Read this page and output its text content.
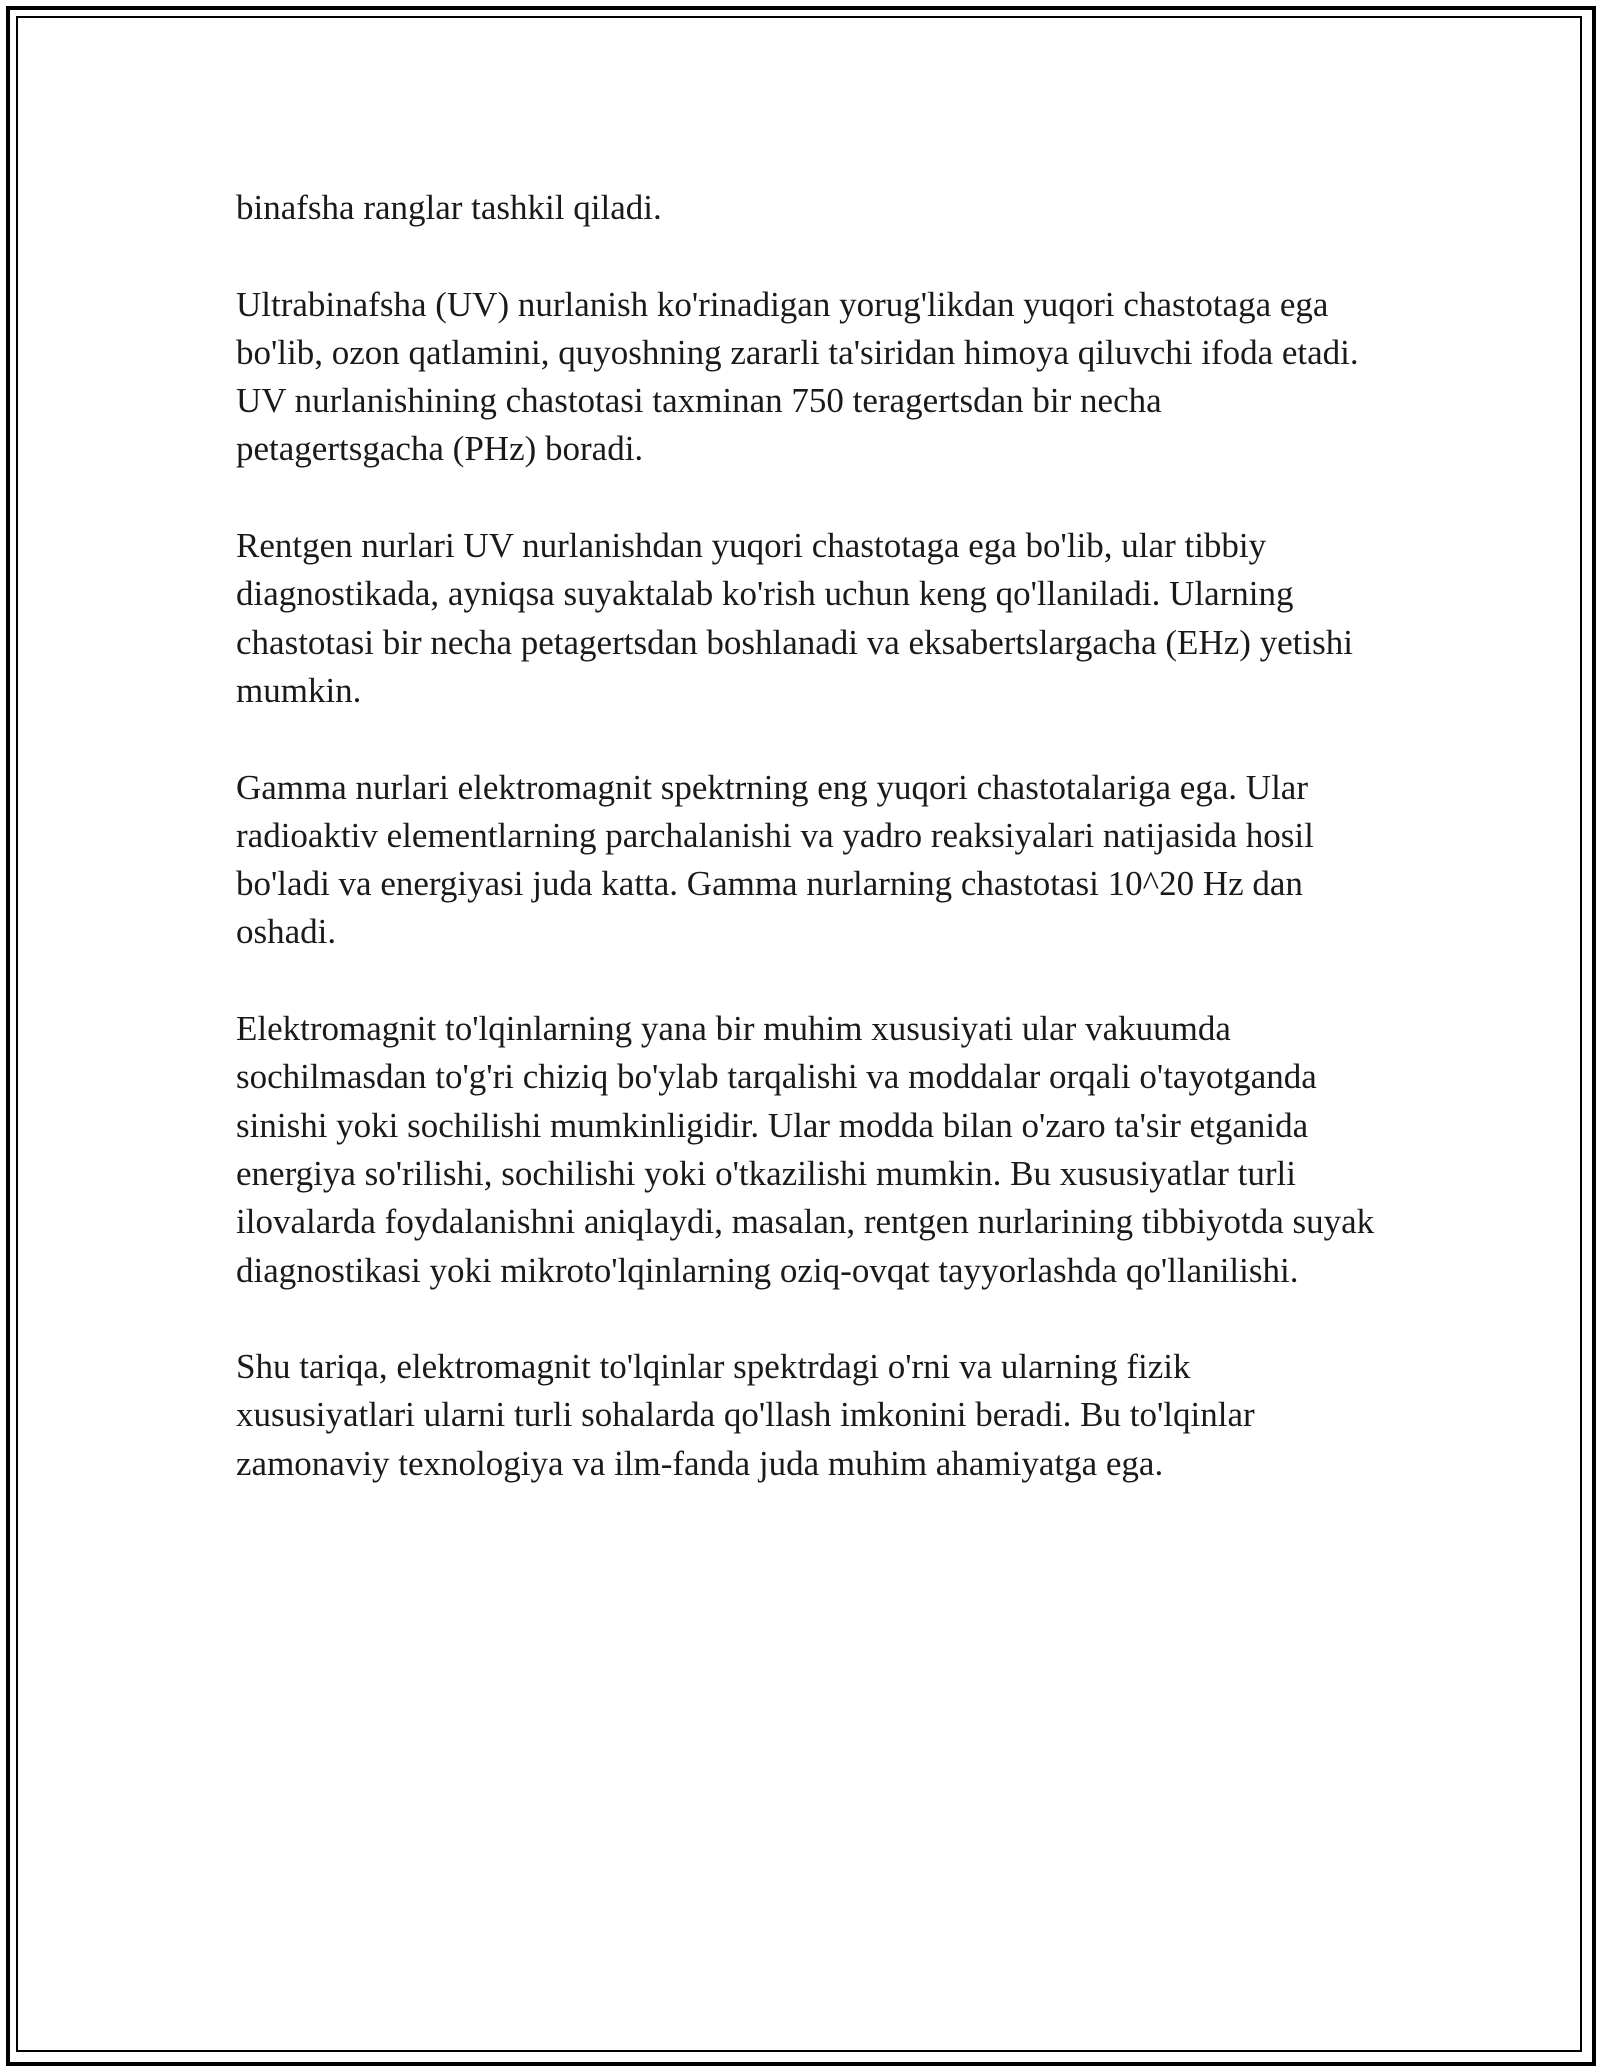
binafsha ranglar tashkil qiladi.

Ultrabinafsha (UV) nurlanish ko'rinadigan yorug'likdan yuqori chastotaga ega bo'lib, ozon qatlamini, quyoshning zararli ta'siridan himoya qiluvchi ifoda etadi. UV nurlanishining chastotasi taxminan 750 teragertsdan bir necha petagertsgacha (PHz) boradi.

Rentgen nurlari UV nurlanishdan yuqori chastotaga ega bo'lib, ular tibbiy diagnostikada, ayniqsa suyaktalab ko'rish uchun keng qo'llaniladi. Ularning chastotasi bir necha petagertsdan boshlanadi va eksabertslargacha (EHz) yetishi mumkin.

Gamma nurlari elektromagnit spektrning eng yuqori chastotalariga ega. Ular radioaktiv elementlarning parchalanishi va yadro reaksiyalari natijasida hosil bo'ladi va energiyasi juda katta. Gamma nurlarning chastotasi 10^20 Hz dan oshadi.

Elektromagnit to'lqinlarning yana bir muhim xususiyati ular vakuumda sochilmasdan to'g'ri chiziq bo'ylab tarqalishi va moddalar orqali o'tayotganda sinishi yoki sochilishi mumkinligidir. Ular modda bilan o'zaro ta'sir etganida energiya so'rilishi, sochilishi yoki o'tkazilishi mumkin. Bu xususiyatlar turli ilovalarda foydalanishni aniqlaydi, masalan, rentgen nurlarining tibbiyotda suyak diagnostikasi yoki mikroto'lqinlarning oziq-ovqat tayyorlashda qo'llanilishi.

Shu tariqa, elektromagnit to'lqinlar spektrdagi o'rni va ularning fizik xususiyatlari ularni turli sohalarda qo'llash imkonini beradi. Bu to'lqinlar zamonaviy texnologiya va ilm-fanda juda muhim ahamiyatga ega.
